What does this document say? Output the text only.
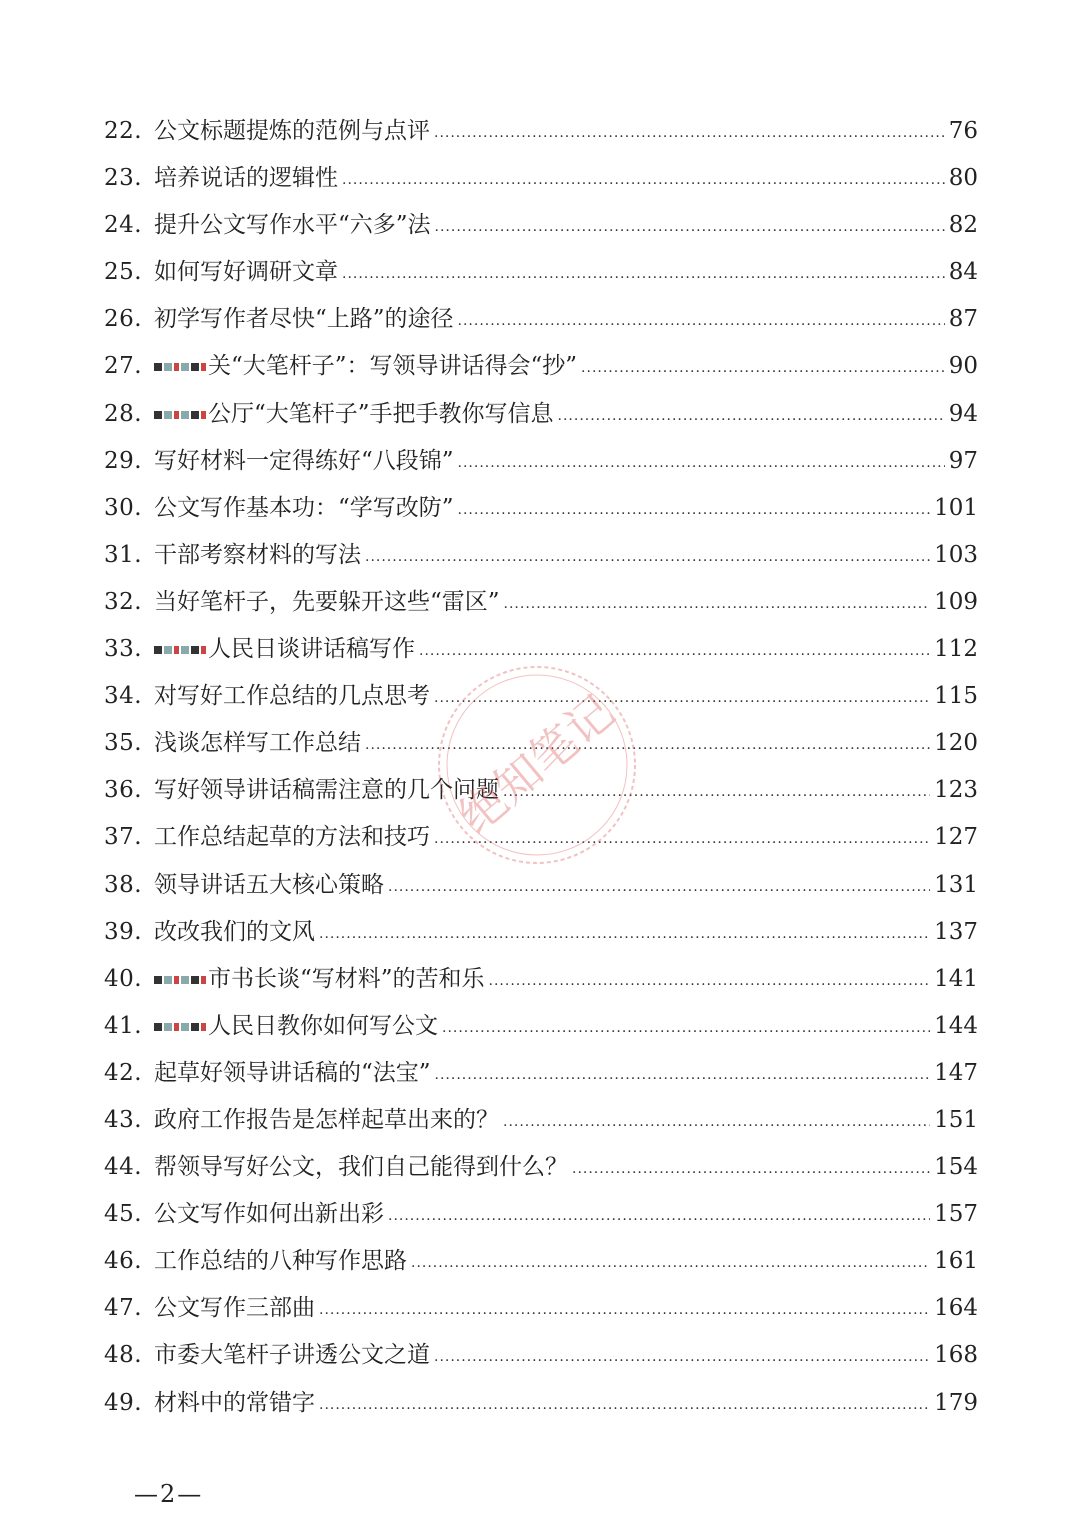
22. 公文标题提炼的范例与点评 .....	76
23. 培养说话的逻辑性 .....	80
24. 提升公文写作水平“六多”法 .....	82
25. 如何写好调研文章 .....	84
26. 初学写作者尽快“上路”的途径 .....	87
27.	关“大笔杆子”：写领导讲话得会“抄” .....	90
28.	公厅“大笔杆子”手把手教你写信息 .....	94
29. 写好材料一定得练好“八段锦” .....	97
30. 公文写作基本功：“学写改防” .....	101
31. 干部考察材料的写法 .....	103
32. 当好笔杆子，先要躲开这些“雷区” .....	109
33.	人民日谈讲话稿写作 .....	112
34. 对写好工作总结的几点思考 .....	115
35. 浅谈怎样写工作总结 .....	120
36. 写好领导讲话稿需注意的几个问题 .....	123
37. 工作总结起草的方法和技巧 .....	127
38. 领导讲话五大核心策略 .....	131
39. 改改我们的文风 .....	137
40.	市书长谈“写材料”的苦和乐 .....	141
41.	人民日教你如何写公文 .....	144
42. 起草好领导讲话稿的“法宝” .....	147
43. 政府工作报告是怎样起草出来的？ .....	151
44. 帮领导写好公文，我们自己能得到什么？ .....	154
45. 公文写作如何出新出彩 .....	157
46. 工作总结的八种写作思路 .....	161
47. 公文写作三部曲 .....	164
48. 市委大笔杆子讲透公文之道 .....	168
49. 材料中的常错字 .....	179
—2—
绝知笔记
